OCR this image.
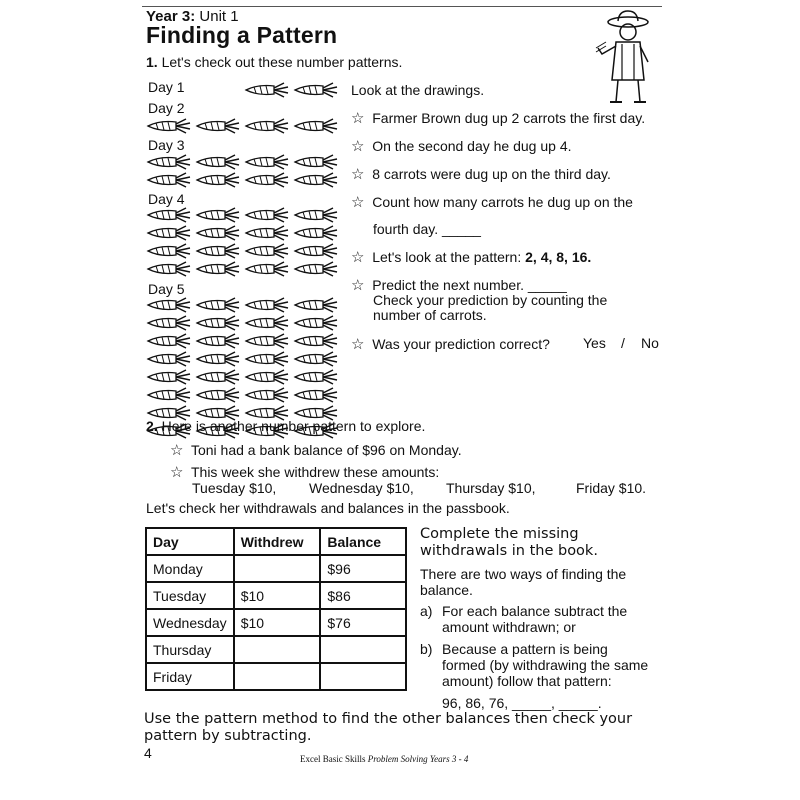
Year 3: Unit 1
Finding a Pattern
1. Let's check out these number patterns.
Day 1
Day 2
Day 3
Day 4
Day 5
Look at the drawings.
☆ Farmer Brown dug up 2 carrots the first day.
☆ On the second day he dug up 4.
☆ 8 carrots were dug up on the third day.
☆ Count how many carrots he dug up on the
fourth day. _____
☆ Let's look at the pattern: 2, 4, 8, 16.
☆ Predict the next number. _____
Check your prediction by counting the
number of carrots.
☆ Was your prediction correct? Yes / No
2. Here is another number pattern to explore.
☆ Toni had a bank balance of $96 on Monday.
☆ This week she withdrew these amounts:
Tuesday $10, Wednesday $10, Thursday $10,	Friday $10.
Let's check her withdrawals and balances in the passbook.
Day	Withdrew	Balance
Monday		$96
Tuesday	$10	$86
Wednesday	$10	$76
Thursday		
Friday		
Complete the missing
withdrawals in the book.
There are two ways of finding the
balance.
a) For each balance subtract the
amount withdrawn; or
b) Because a pattern is being
formed (by withdrawing the same
amount) follow that pattern:
96, 86, 76, _____, _____.
Use the pattern method to find the other balances then check your
pattern by subtracting.
4	Excel Basic Skills Problem Solving Years 3 - 4
